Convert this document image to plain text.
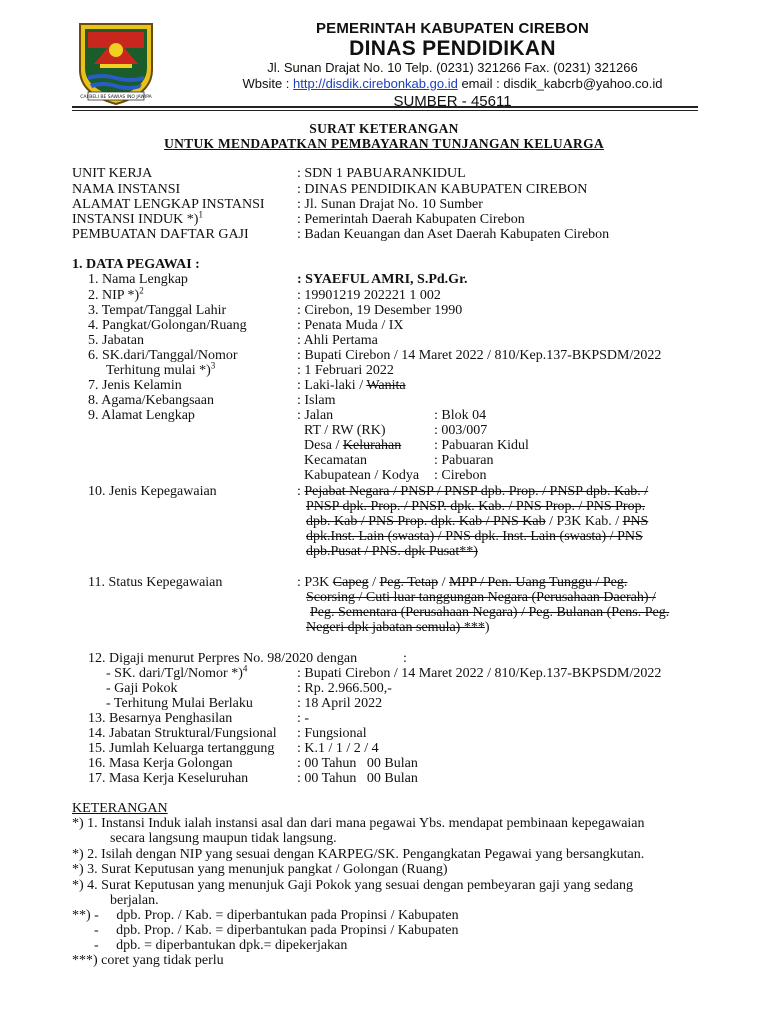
CAI BELI BE SAWIAS INO JAWIPA
PEMERINTAH KABUPATEN CIREBON
DINAS PENDIDIKAN
Jl. Sunan Drajat No. 10 Telp. (0231) 321266 Fax. (0231) 321266
Wbsite : http://disdik.cirebonkab.go.id email : disdik_kabcrb@yahoo.co.id
SUMBER - 45611
SURAT KETERANGAN
UNTUK MENDAPATKAN PEMBAYARAN TUNJANGAN KELUARGA
UNIT KERJA	: SDN 1 PABUARANKIDUL
NAMA INSTANSI	: DINAS PENDIDIKAN KABUPATEN CIREBON
ALAMAT LENGKAP INSTANSI : Jl. Sunan Drajat No. 10 Sumber
INSTANSI INDUK *)$^1$	: Pemerintah Daerah Kabupaten Cirebon
PEMBUATAN DAFTAR GAJI	: Badan Keuangan dan Aset Daerah Kabupaten Cirebon
1. DATA PEGAWAI :
1. Nama Lengkap	: SYAEFUL AMRI, S.Pd.Gr.
2. NIP *)$^2$	: 19901219 202221 1 002
3. Tempat/Tanggal Lahir	: Cirebon, 19 Desember 1990
4. Pangkat/Golongan/Ruang	: Penata Muda / IX
5. Jabatan	: Ahli Pertama
6. SK.dari/Tanggal/Nomor	: Bupati Cirebon / 14 Maret 2022 / 810/Kep.137-BKPSDM/2022
Terhitung mulai *)$^3$	: 1 Februari 2022
7. Jenis Kelamin	: Laki-laki / Wanita
8. Agama/Kebangsaan	: Islam
9. Alamat Lengkap	: Jalan	: Blok 04
RT / RW (RK)	: 003/007
Desa / Kelurahan : Pabuaran Kidul
Kecamatan	: Pabuaran
Kabupatean / Kodya : Cirebon
10. Jenis Kepegawaian	: Pejabat Negara / PNSP / PNSP dpb. Prop. / PNSP dpb. Kab. /
PNSP dpk. Prop. / PNSP. dpk. Kab. / PNS Prop. / PNS Prop.
dpb. Kab / PNS Prop. dpk. Kab / PNS Kab / P3K Kab. / PNS
dpk.Inst. Lain (swasta) / PNS dpk. Inst. Lain (swasta) / PNS
dpb.Pusat / PNS. dpk Pusat**)
11. Status Kepegawaian	: P3K Capeg / Peg. Tetap / MPP / Pen. Uang Tunggu / Peg.
Scorsing / Cuti luar tanggungan Negara (Perusahaan Daerah) /
Peg. Sementara (Perusahaan Negara) / Peg. Bulanan (Pens. Peg.
Negeri dpk jabatan semula) ***)
12. Digaji menurut Perpres No. 98/2020 dengan	:
- SK. dari/Tgl/Nomor *)$^4$	: Bupati Cirebon / 14 Maret 2022 / 810/Kep.137-BKPSDM/2022
- Gaji Pokok	: Rp. 2.966.500,-
- Terhitung Mulai Berlaku	: 18 April 2022
13. Besarnya Penghasilan	: -
14. Jabatan Struktural/Fungsional : Fungsional
15. Jumlah Keluarga tertanggung : K.1 / 1 / 2 / 4
16. Masa Kerja Golongan	: 00 Tahun   00 Bulan
17. Masa Kerja Keseluruhan	: 00 Tahun   00 Bulan
KETERANGAN
*) 1. Instansi Induk ialah instansi asal dan dari mana pegawai Ybs. mendapat pembinaan kepegawaian
secara langsung maupun tidak langsung.
*) 2. Isilah dengan NIP yang sesuai dengan KARPEG/SK. Pengangkatan Pegawai yang bersangkutan.
*) 3. Surat Keputusan yang menunjuk pangkat / Golongan (Ruang)
*) 4. Surat Keputusan yang menunjuk Gaji Pokok yang sesuai dengan pembeyaran gaji yang sedang
berjalan.
**) -     dpb. Prop. / Kab. = diperbantukan pada Propinsi / Kabupaten
-     dpb. Prop. / Kab. = diperbantukan pada Propinsi / Kabupaten
-     dpb. = diperbantukan dpk.= dipekerjakan
***) coret yang tidak perlu
